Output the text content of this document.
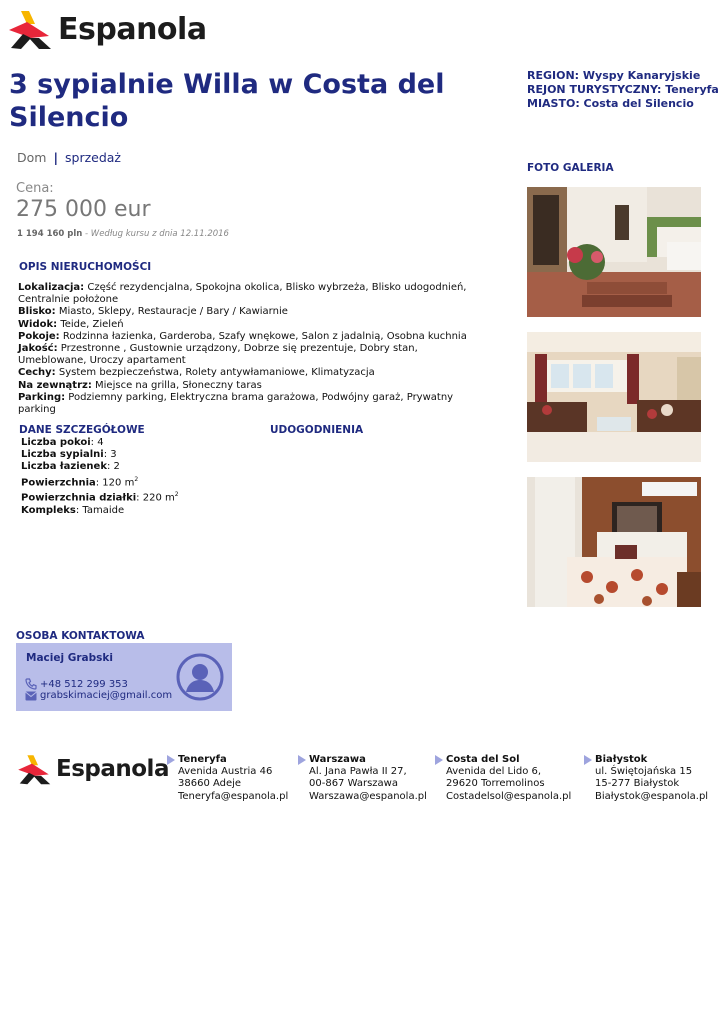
Espanola
3 sypialnie Willa w Costa del Silencio
REGION: Wyspy Kanaryjskie
REJON TURYSTYCZNY: Teneryfa
MIASTO: Costa del Silencio
Dom | sprzedaż
Cena:
275 000 eur
1 194 160 pln - Według kursu z dnia 12.11.2016
OPIS NIERUCHOMOŚCI
Lokalizacja: Część rezydencjalna, Spokojna okolica, Blisko wybrzeża, Blisko udogodnień, Centralnie położone
Blisko: Miasto, Sklepy, Restauracje / Bary / Kawiarnie
Widok: Teide, Zieleń
Pokoje: Rodzinna łazienka, Garderoba, Szafy wnękowe, Salon z jadalnią, Osobna kuchnia
Jakość: Przestronne , Gustownie urządzony, Dobrze się prezentuje, Dobry stan, Umeblowane, Uroczy apartament
Cechy: System bezpieczeństwa, Rolety antywłamaniowe, Klimatyzacja
Na zewnątrz: Miejsce na grilla, Słoneczny taras
Parking: Podziemny parking, Elektryczna brama garażowa, Podwójny garaż, Prywatny parking
DANE SZCZEGÓŁOWE	UDOGODNIENIA
Liczba pokoi: 4
Liczba sypialni: 3
Liczba łazienek: 2
Powierzchnia: 120 $m^2$
Powierzchnia działki: 220 $m^2$
Kompleks: Tamaide
FOTO GALERIA
OSOBA KONTAKTOWA
Maciej Grabski
+48 512 299 353
grabskimaciej@gmail.com
Espanola Teneryfa
Avenida Austria 46
38660 Adeje
Teneryfa@espanola.pl
Warszawa
Al. Jana Pawła II 27,
00-867 Warszawa
Warszawa@espanola.pl
Costa del Sol
Avenida del Lido 6,
29620 Torremolinos
Costadelsol@espanola.pl
Białystok
ul. Świętojańska 15
15-277 Białystok
Białystok@espanola.pl
